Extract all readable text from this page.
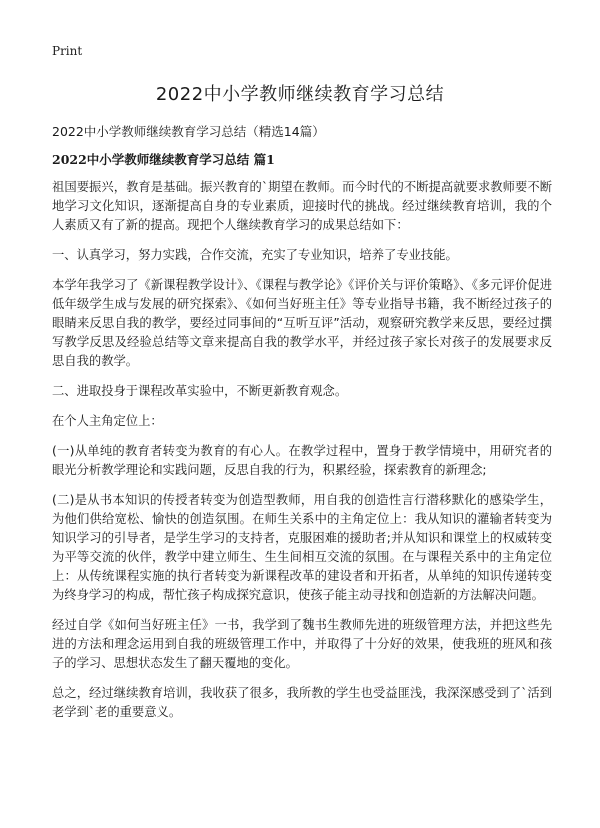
Print
2022中小学教师继续教育学习总结

2022中小学教师继续教育学习总结（精选14篇）

2022中小学教师继续教育学习总结 篇1

祖国要振兴，教育是基础。振兴教育的`期望在教师。而今时代的不断提高就要求教师要不断地学习文化知识，逐渐提高自身的专业素质，迎接时代的挑战。经过继续教育培训，我的个人素质又有了新的提高。现把个人继续教育学习的成果总结如下：

一、认真学习，努力实践，合作交流，充实了专业知识，培养了专业技能。

本学年我学习了《新课程教学设计》、《课程与教学论》《评价关与评价策略》、《多元评价促进低年级学生成与发展的研究探索》、《如何当好班主任》等专业指导书籍，我不断经过孩子的眼睛来反思自我的教学，要经过同事间的“互听互评”活动，观察研究教学来反思，要经过撰写教学反思及经验总结等文章来提高自我的教学水平，并经过孩子家长对孩子的发展要求反思自我的教学。

二、进取投身于课程改革实验中，不断更新教育观念。

在个人主角定位上：

(一)从单纯的教育者转变为教育的有心人。在教学过程中，置身于教学情境中，用研究者的眼光分析教学理论和实践问题，反思自我的行为，积累经验，探索教育的新理念;

(二)是从书本知识的传授者转变为创造型教师，用自我的创造性言行潜移默化的感染学生，为他们供给宽松、愉快的创造氛围。在师生关系中的主角定位上：我从知识的灌输者转变为知识学习的引导者，是学生学习的支持者，克服困难的援助者;并从知识和课堂上的权威转变为平等交流的伙伴，教学中建立师生、生生间相互交流的氛围。在与课程关系中的主角定位上：从传统课程实施的执行者转变为新课程改革的建设者和开拓者，从单纯的知识传递转变为终身学习的构成，帮忙孩子构成探究意识，使孩子能主动寻找和创造新的方法解决问题。

经过自学《如何当好班主任》一书，我学到了魏书生教师先进的班级管理方法，并把这些先进的方法和理念运用到自我的班级管理工作中，并取得了十分好的效果，使我班的班风和孩子的学习、思想状态发生了翻天覆地的变化。

总之，经过继续教育培训，我收获了很多，我所教的学生也受益匪浅，我深深感受到了`活到老学到`老的重要意义。
